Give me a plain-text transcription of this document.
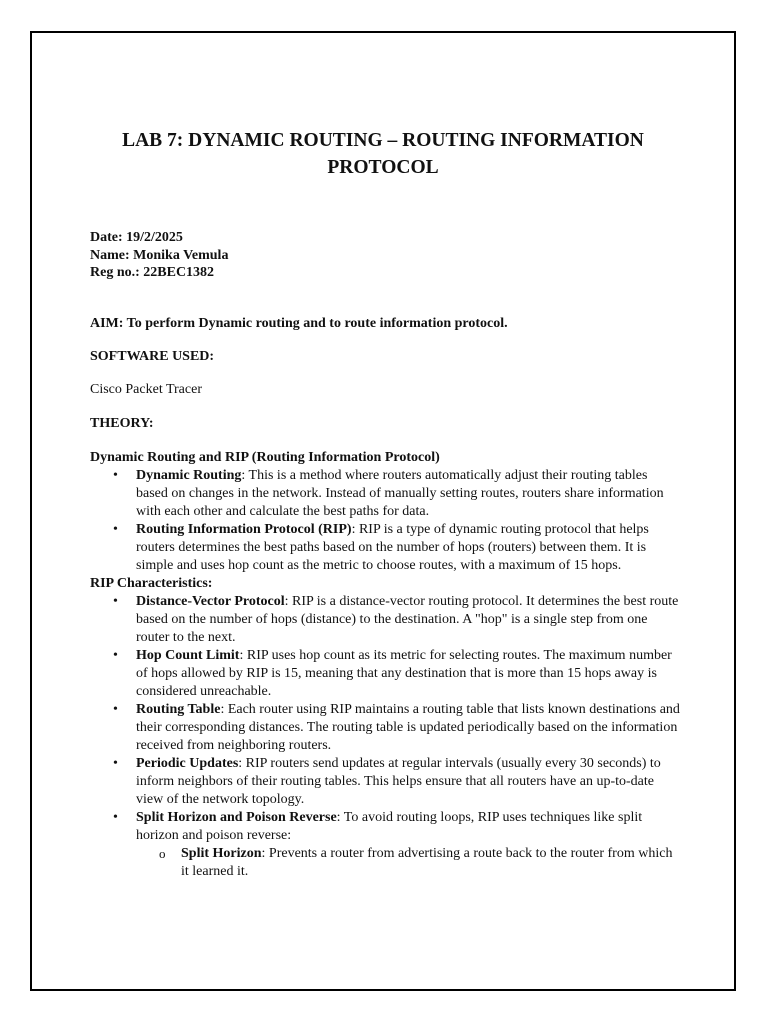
LAB 7: DYNAMIC ROUTING – ROUTING INFORMATION
PROTOCOL
Date: 19/2/2025
Name: Monika Vemula
Reg no.: 22BEC1382
AIM: To perform Dynamic routing and to route information protocol.
SOFTWARE USED:
Cisco Packet Tracer
THEORY:
Dynamic Routing and RIP (Routing Information Protocol)
• Dynamic Routing: This is a method where routers automatically adjust their routing tables based on changes in the network. Instead of manually setting routes, routers share information with each other and calculate the best paths for data.
• Routing Information Protocol (RIP): RIP is a type of dynamic routing protocol that helps routers determines the best paths based on the number of hops (routers) between them. It is simple and uses hop count as the metric to choose routes, with a maximum of 15 hops.
RIP Characteristics:
• Distance-Vector Protocol: RIP is a distance-vector routing protocol. It determines the best route based on the number of hops (distance) to the destination. A "hop" is a single step from one router to the next.
• Hop Count Limit: RIP uses hop count as its metric for selecting routes. The maximum number of hops allowed by RIP is 15, meaning that any destination that is more than 15 hops away is considered unreachable.
• Routing Table: Each router using RIP maintains a routing table that lists known destinations and their corresponding distances. The routing table is updated periodically based on the information received from neighboring routers.
• Periodic Updates: RIP routers send updates at regular intervals (usually every 30 seconds) to inform neighbors of their routing tables. This helps ensure that all routers have an up-to-date view of the network topology.
• Split Horizon and Poison Reverse: To avoid routing loops, RIP uses techniques like split horizon and poison reverse:
o Split Horizon: Prevents a router from advertising a route back to the router from which it learned it.
